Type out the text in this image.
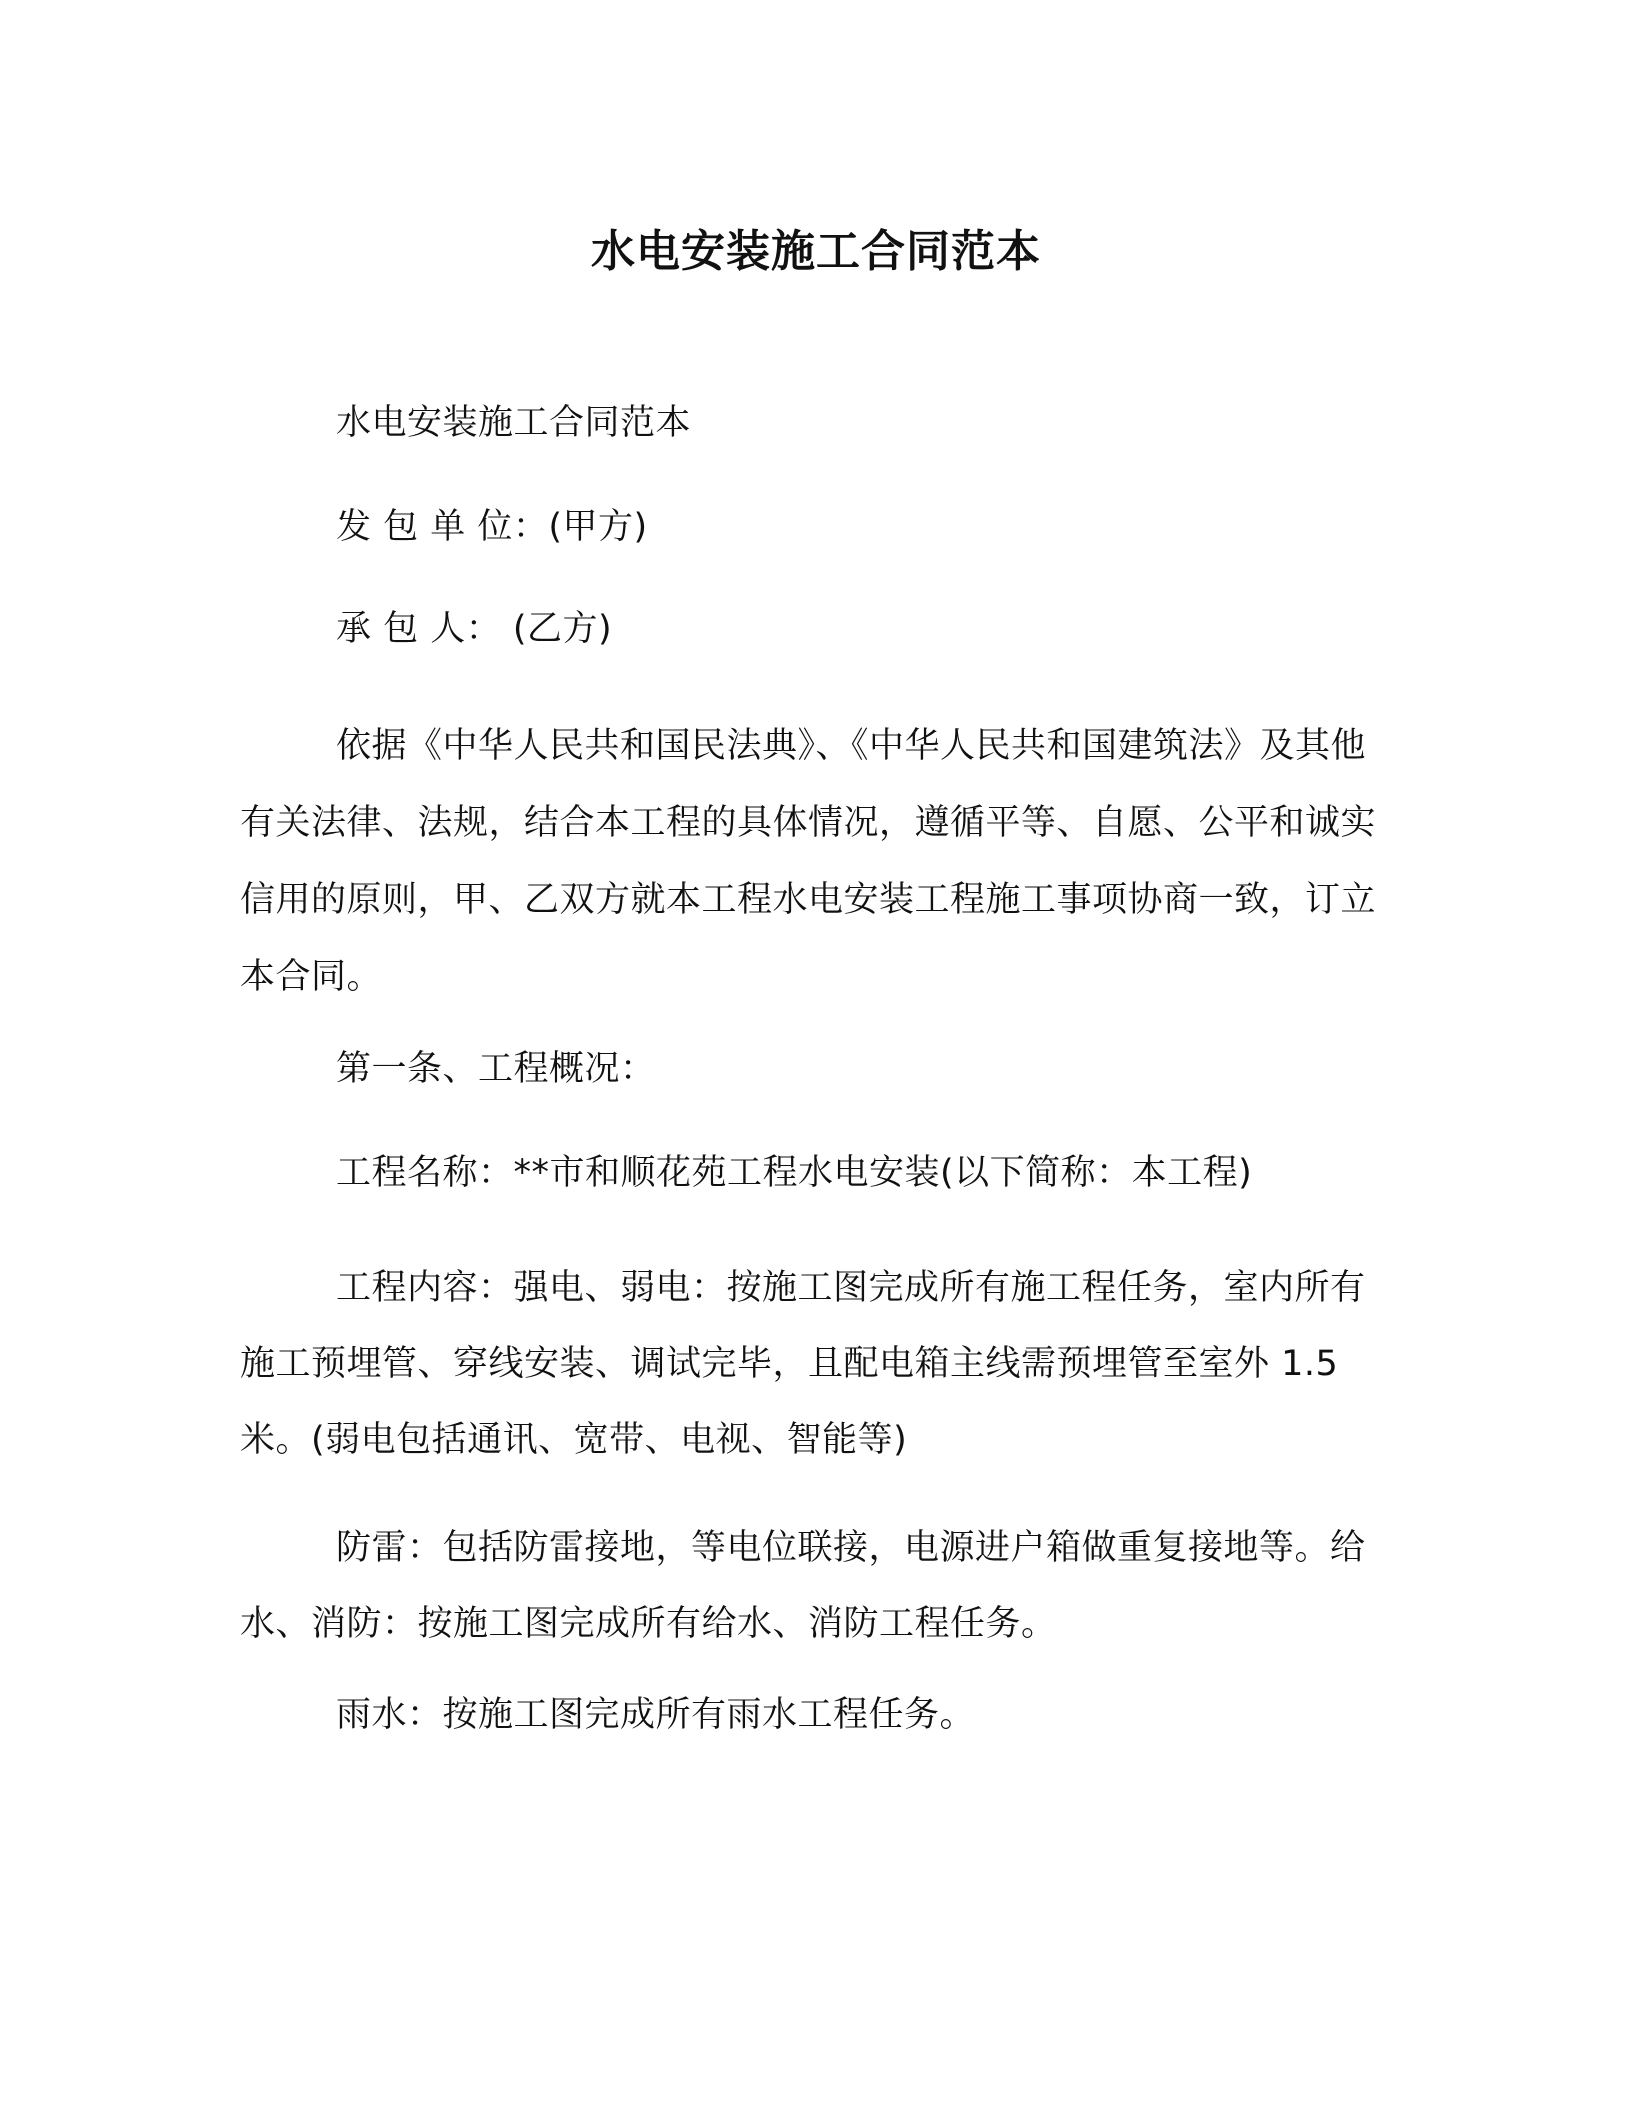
水电安装施工合同范本

水电安装施工合同范本

发 包 单 位：(甲方)

承 包 人： (乙方)

依据《中华人民共和国民法典》、《中华人民共和国建筑法》及其他有关法律、法规，结合本工程的具体情况，遵循平等、自愿、公平和诚实信用的原则，甲、乙双方就本工程水电安装工程施工事项协商一致，订立本合同。

第一条、工程概况：

工程名称：**市和顺花苑工程水电安装(以下简称：本工程)

工程内容：强电、弱电：按施工图完成所有施工程任务，室内所有施工预埋管、穿线安装、调试完毕，且配电箱主线需预埋管至室外 1.5 米。(弱电包括通讯、宽带、电视、智能等)

防雷：包括防雷接地，等电位联接，电源进户箱做重复接地等。给水、消防：按施工图完成所有给水、消防工程任务。

雨水：按施工图完成所有雨水工程任务。
